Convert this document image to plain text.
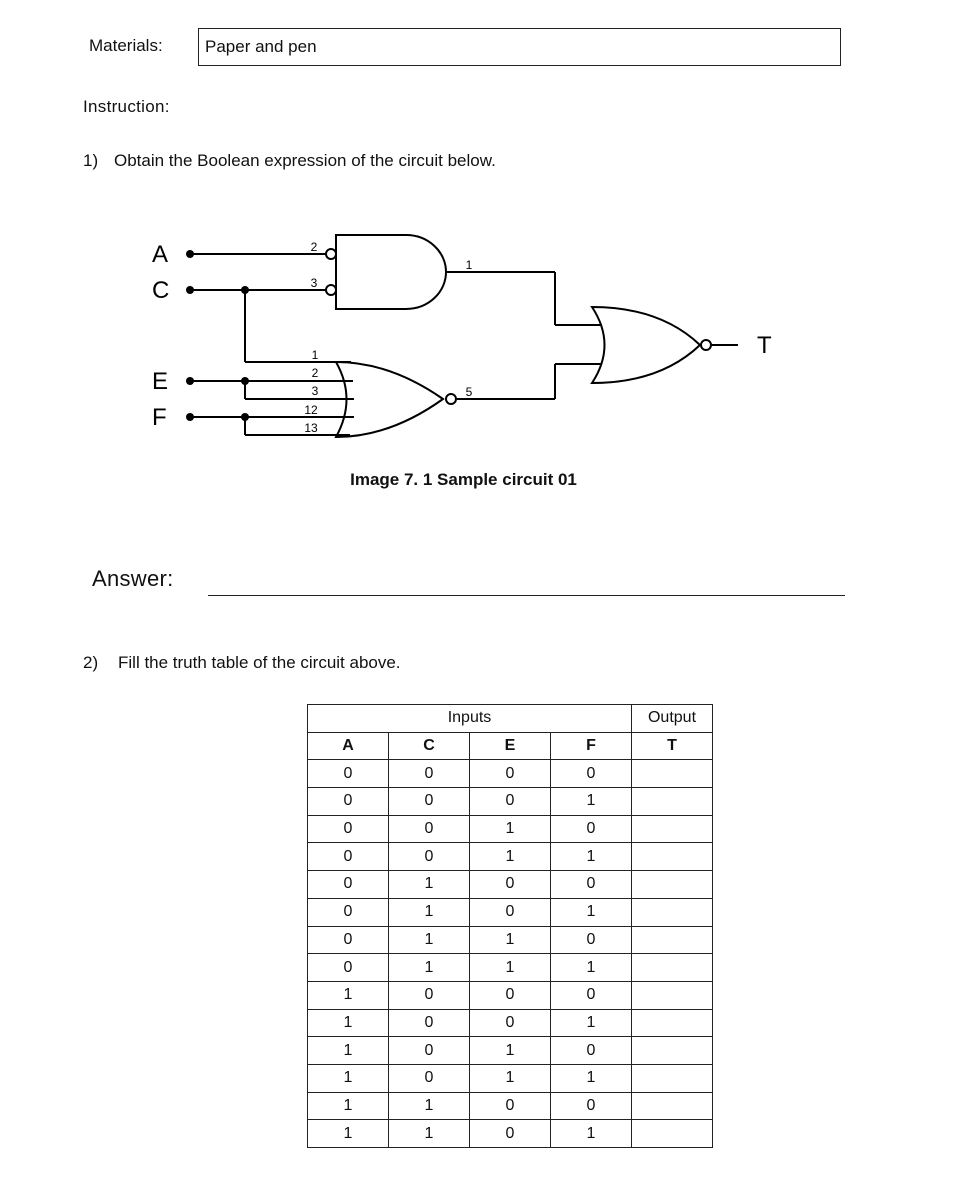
Materials:	Paper and pen
Instruction:
1) Obtain the Boolean expression of the circuit below.
A
C
E
F
T
2
3
1
1
2
3
12
13
5
Image 7. 1 Sample circuit 01
Answer:
2) Fill the truth table of the circuit above.
Inputs				Output
A	C	E	F	T
0	0	0	0	
0	0	0	1	
0	0	1	0	
0	0	1	1	
0	1	0	0	
0	1	0	1	
0	1	1	0	
0	1	1	1	
1	0	0	0	
1	0	0	1	
1	0	1	0	
1	0	1	1	
1	1	0	0	
1	1	0	1	
